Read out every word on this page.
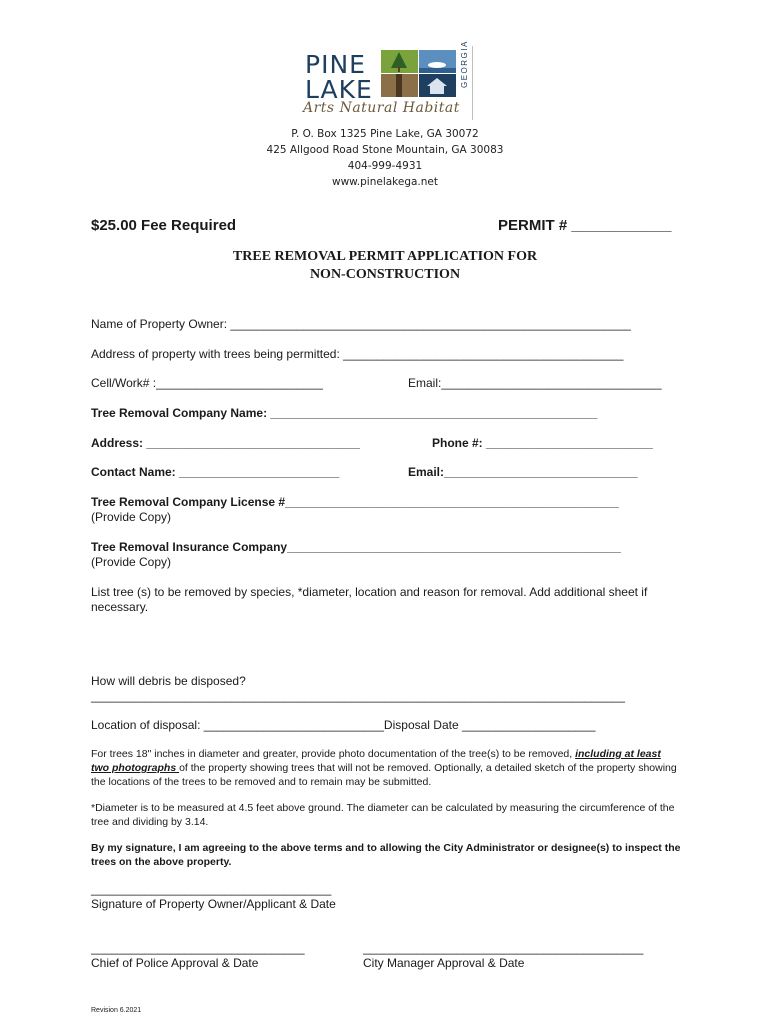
PINE
LAKE
Arts Natural Habitat
GEORGIA
P. O. Box 1325 Pine Lake, GA 30072
425 Allgood Road Stone Mountain, GA 30083
404-999-4931
www.pinelakega.net
$25.00 Fee Required	PERMIT # ____________
TREE REMOVAL PERMIT APPLICATION FOR
NON-CONSTRUCTION
Name of Property Owner: ____________________________________________________________
Address of property with trees being permitted: __________________________________________
Cell/Work# :_________________________	Email:_________________________________
Tree Removal Company Name: _________________________________________________
Address: ________________________________	Phone #: _________________________
Contact Name: ________________________	Email:_____________________________
Tree Removal Company License #__________________________________________________
(Provide Copy)
Tree Removal Insurance Company__________________________________________________
(Provide Copy)
List tree (s) to be removed by species, *diameter, location and reason for removal. Add additional sheet if necessary.
How will debris be disposed?
________________________________________________________________________________
Location of disposal: ___________________________Disposal Date ____________________
For trees 18" inches in diameter and greater, provide photo documentation of the tree(s) to be removed, including at least two photographs of the property showing trees that will not be removed. Optionally, a detailed sketch of the property showing the locations of the trees to be removed and to remain may be submitted.
*Diameter is to be measured at 4.5 feet above ground. The diameter can be calculated by measuring the circumference of the tree and dividing by 3.14.
By my signature, I am agreeing to the above terms and to allowing the City Administrator or designee(s) to inspect the trees on the above property.
____________________________________
Signature of Property Owner/Applicant & Date
________________________________
Chief of Police Approval & Date
__________________________________________
City Manager Approval & Date
Revision 6.2021
